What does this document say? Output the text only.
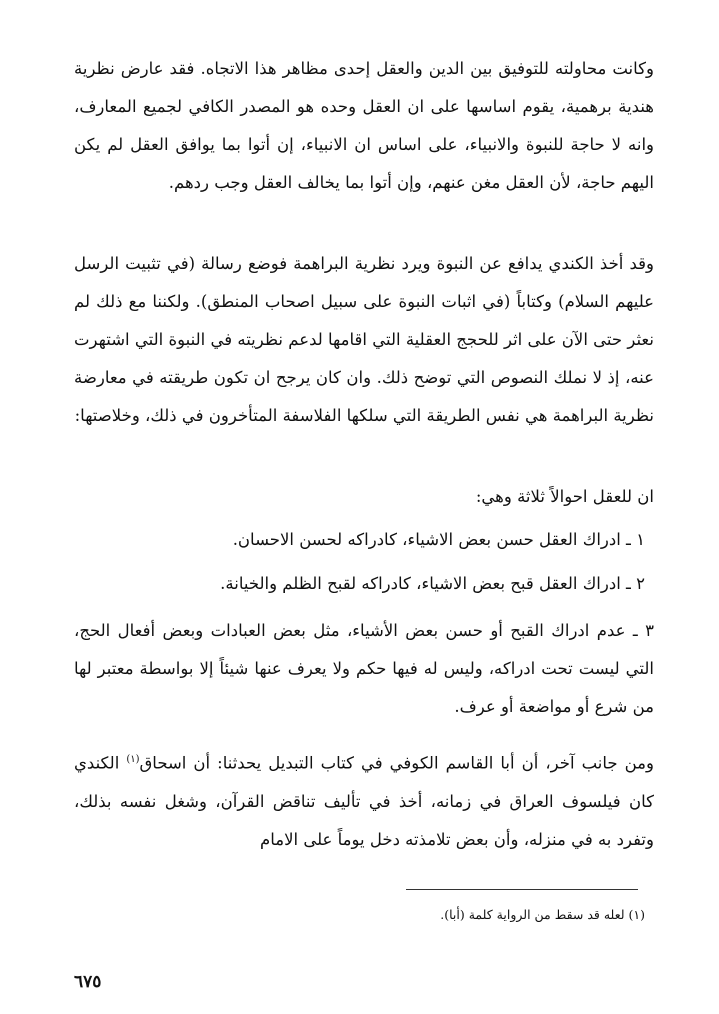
وكانت محاولته للتوفيق بين الدين والعقل إحدى مظاهر هذا الاتجاه. فقد عارض نظرية هندية برهمية، يقوم اساسها على ان العقل وحده هو المصدر الكافي لجميع المعارف، وانه لا حاجة للنبوة والانبياء، على اساس ان الانبياء، إن أتوا بما يوافق العقل لم يكن اليهم حاجة، لأن العقل مغن عنهم، وإن أتوا بما يخالف العقل وجب ردهم.

وقد أخذ الكندي يدافع عن النبوة ويرد نظرية البراهمة فوضع رسالة (في تثبيت الرسل عليهم السلام) وكتاباً (في اثبات النبوة على سبيل اصحاب المنطق). ولكننا مع ذلك لم نعثر حتى الآن على اثر للحجج العقلية التي اقامها لدعم نظريته في النبوة التي اشتهرت عنه، إذ لا نملك النصوص التي توضح ذلك. وان كان يرجح ان تكون طريقته في معارضة نظرية البراهمة هي نفس الطريقة التي سلكها الفلاسفة المتأخرون في ذلك، وخلاصتها:

ان للعقل احوالاً ثلاثة وهي:

١ ـ ادراك العقل حسن بعض الاشياء، كادراكه لحسن الاحسان.
٢ ـ ادراك العقل قبح بعض الاشياء، كادراكه لقبح الظلم والخيانة.

٣ ـ عدم ادراك القبح أو حسن بعض الأشياء، مثل بعض العبادات وبعض أفعال الحج، التي ليست تحت ادراكه، وليس له فيها حكم ولا يعرف عنها شيئاً إلا بواسطة معتبر لها من شرع أو مواضعة أو عرف.

ومن جانب آخر، أن أبا القاسم الكوفي في كتاب التبديل يحدثنا: أن اسحاق$^{(١)}$ الكندي كان فيلسوف العراق في زمانه، أخذ في تأليف تناقض القرآن، وشغل نفسه بذلك، وتفرد به في منزله، وأن بعض تلامذته دخل يوماً على الامام

(١) لعله قد سقط من الرواية كلمة (أبا).
٦٧٥
